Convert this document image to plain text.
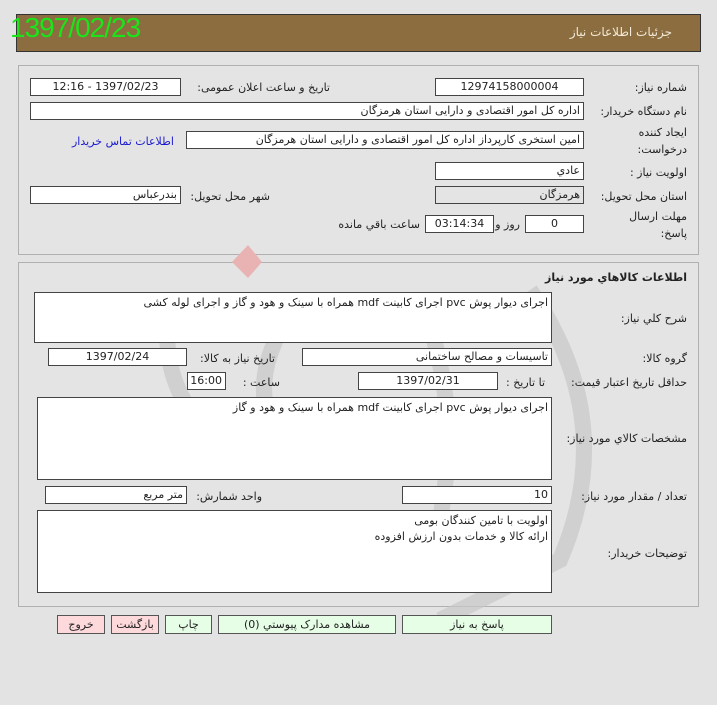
جزئیات اطلاعات نیاز
1397/02/23
شماره نیاز:
12974158000004
تاریخ و ساعت اعلان عمومی:
1397/02/23 - 12:16
نام دستگاه خریدار:
اداره کل امور اقتصادی و دارایی استان هرمزگان
ایجاد کننده
درخواست:
امین استخری کارپرداز اداره کل امور اقتصادی و دارایی استان هرمزگان
اطلاعات تماس خریدار
اولویت نیاز :
عادي
استان محل تحویل:
هرمزگان
شهر محل تحویل:
بندرعباس
مهلت ارسال
پاسخ:
0
روز و
03:14:34
ساعت باقي مانده
اطلاعات كالاهاي مورد نياز
شرح کلي نیاز:
اجرای دیوار پوش pvc اجرای کابینت mdf همراه با سینک و هود و گاز و اجرای لوله کشی
گروه کالا:
تاسیسات و مصالح ساختمانی
تاریخ نیاز به کالا:
1397/02/24
حداقل تاریخ اعتبار قیمت:
تا تاریخ :
1397/02/31
ساعت :
16:00
مشخصات کالاي مورد نیاز:
اجرای دیوار پوش pvc اجرای کابینت mdf همراه با سینک و هود و گاز
تعداد / مقدار مورد نیاز:
10
واحد شمارش:
متر مربع
توضیحات خریدار:
اولویت با تامین کنندگان بومی
ارائه کالا و خدمات بدون ارزش افزوده
پاسخ به نیاز
مشاهده مدارک پیوستي (0)
چاپ
بازگشت
خروج
